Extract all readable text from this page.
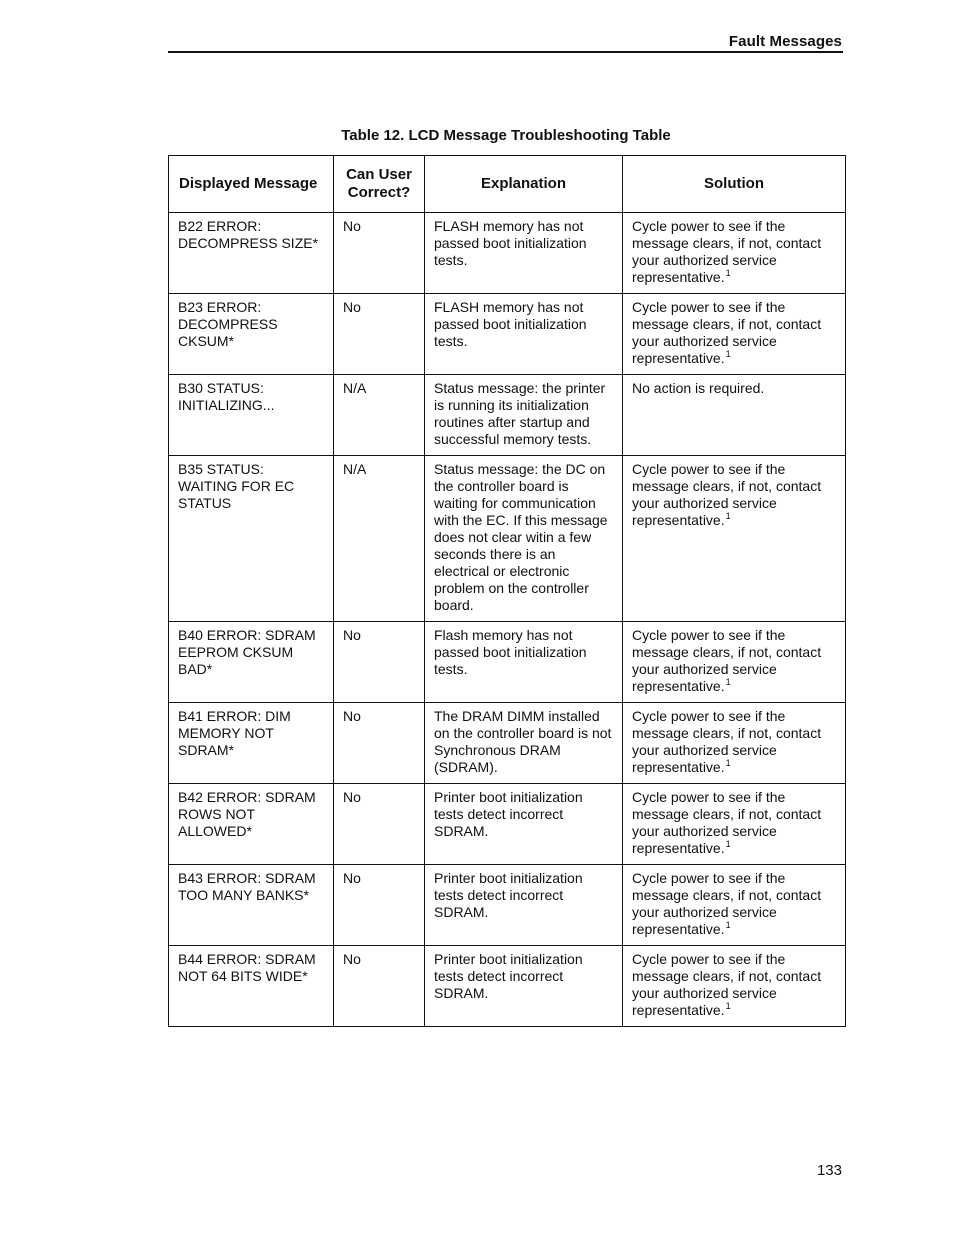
Fault Messages
Table 12. LCD Message Troubleshooting Table
Displayed Message	Can User Correct?	Explanation	Solution
B22 ERROR: DECOMPRESS SIZE*	No	FLASH memory has not passed boot initialization tests.	Cycle power to see if the message clears, if not, contact your authorized service representative.$^1$
B23 ERROR: DECOMPRESS CKSUM*	No	FLASH memory has not passed boot initialization tests.	Cycle power to see if the message clears, if not, contact your authorized service representative.$^1$
B30 STATUS: INITIALIZING...	N/A	Status message: the printer is running its initialization routines after startup and successful memory tests.	No action is required.
B35 STATUS: WAITING FOR EC STATUS	N/A	Status message: the DC on the controller board is waiting for communication with the EC. If this message does not clear witin a few seconds there is an electrical or electronic problem on the controller board.	Cycle power to see if the message clears, if not, contact your authorized service representative.$^1$
B40 ERROR: SDRAM EEPROM CKSUM BAD*	No	Flash memory has not passed boot initialization tests.	Cycle power to see if the message clears, if not, contact your authorized service representative.$^1$
B41 ERROR: DIM MEMORY NOT SDRAM*	No	The DRAM DIMM installed on the controller board is not Synchronous DRAM (SDRAM).	Cycle power to see if the message clears, if not, contact your authorized service representative.$^1$
B42 ERROR: SDRAM ROWS NOT ALLOWED*	No	Printer boot initialization tests detect incorrect SDRAM.	Cycle power to see if the message clears, if not, contact your authorized service representative.$^1$
B43 ERROR: SDRAM TOO MANY BANKS*	No	Printer boot initialization tests detect incorrect SDRAM.	Cycle power to see if the message clears, if not, contact your authorized service representative.$^1$
B44 ERROR: SDRAM NOT 64 BITS WIDE*	No	Printer boot initialization tests detect incorrect SDRAM.	Cycle power to see if the message clears, if not, contact your authorized service representative.$^1$
133
